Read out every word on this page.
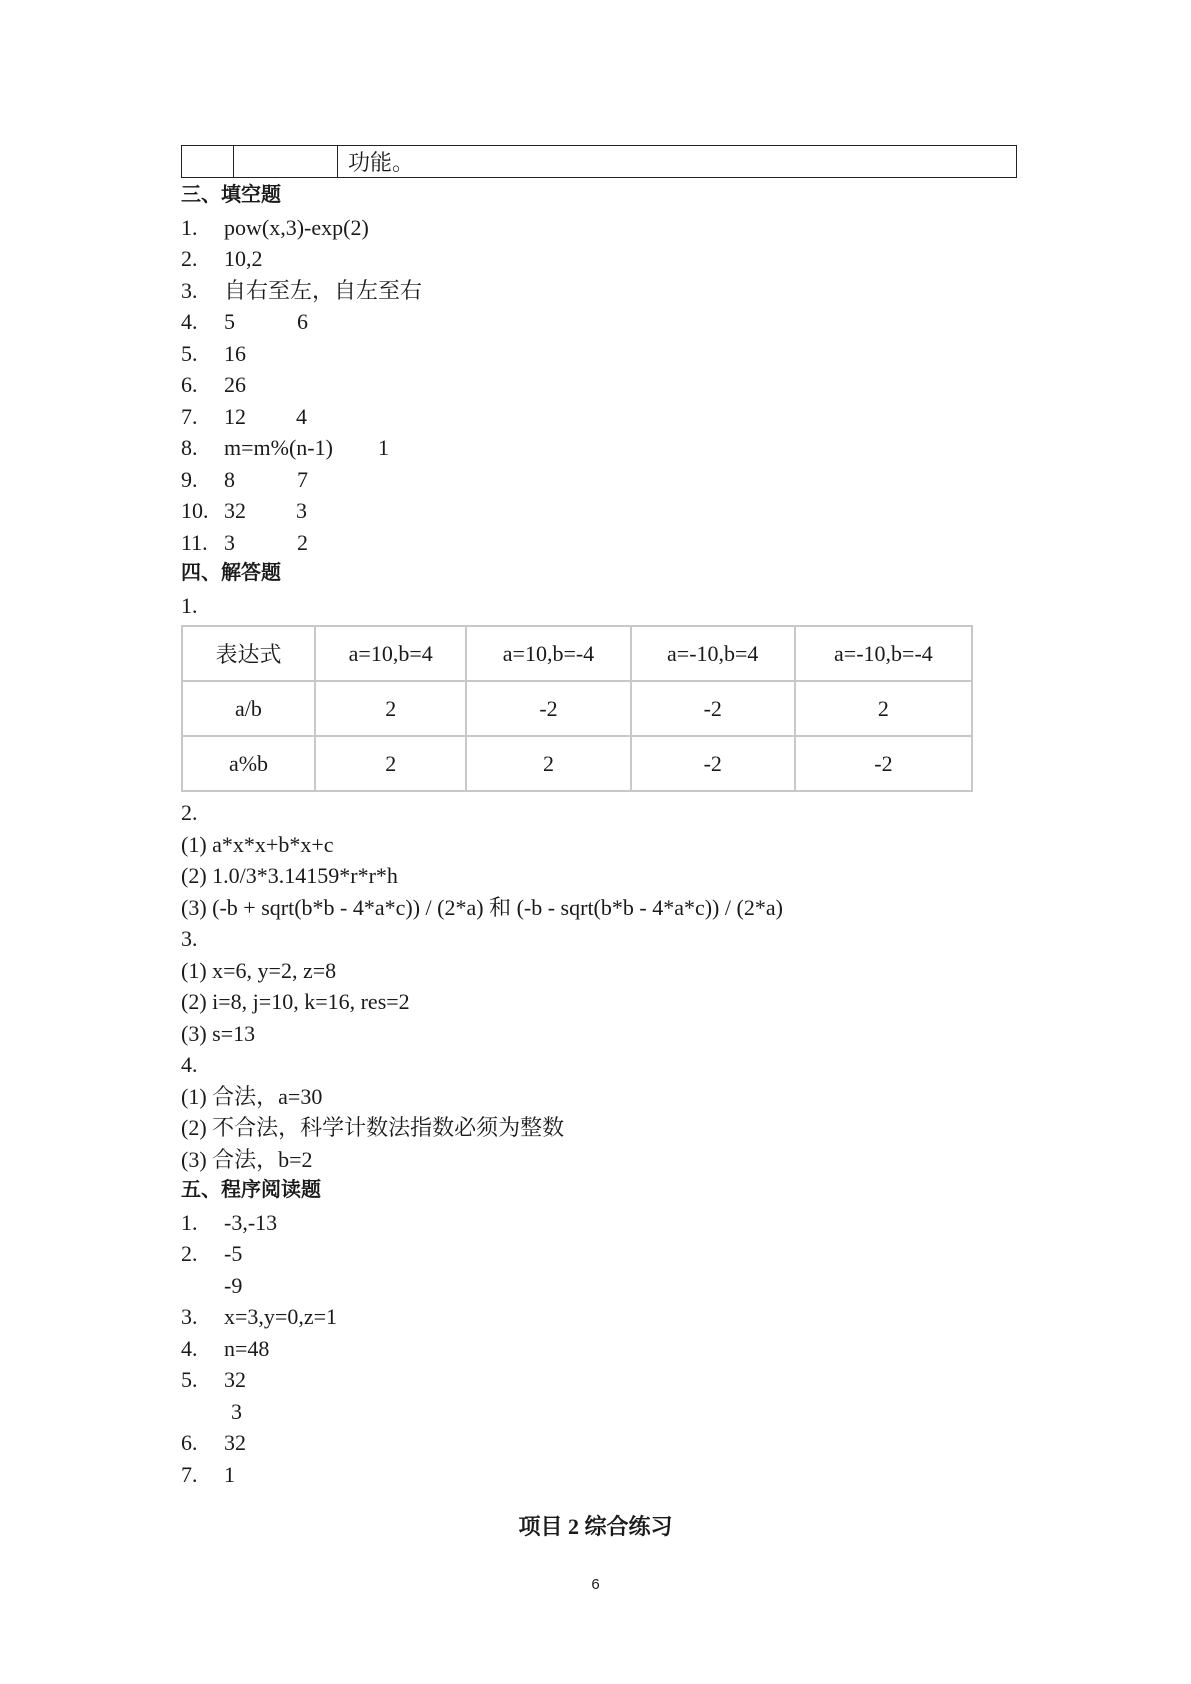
		功能。
三、填空题
1. pow(x,3)-exp(2)
2. 10,2
3. 自右至左，自左至右
4. 5	6
5. 16
6. 26
7. 12 4
8. m=m%(n-1) 1
9. 8	7
10. 32 3
11. 3	2
四、解答题
1.
表达式	a=10,b=4	a=10,b=-4	a=-10,b=4	a=-10,b=-4
a/b	2	-2	-2	2
a%b	2	2	-2	-2
2.
(1) a*x*x+b*x+c
(2) 1.0/3*3.14159*r*r*h
(3) (-b + sqrt(b*b - 4*a*c)) / (2*a) 和 (-b - sqrt(b*b - 4*a*c)) / (2*a)
3.
(1) x=6, y=2, z=8
(2) i=8, j=10, k=16, res=2
(3) s=13
4.
(1) 合法，a=30
(2) 不合法，科学计数法指数必须为整数
(3) 合法，b=2
五、程序阅读题
1. -3,-13
2. -5
-9
3. x=3,y=0,z=1
4. n=48
5. 32
3
6. 32
7. 1
项目 2 综合练习
6
